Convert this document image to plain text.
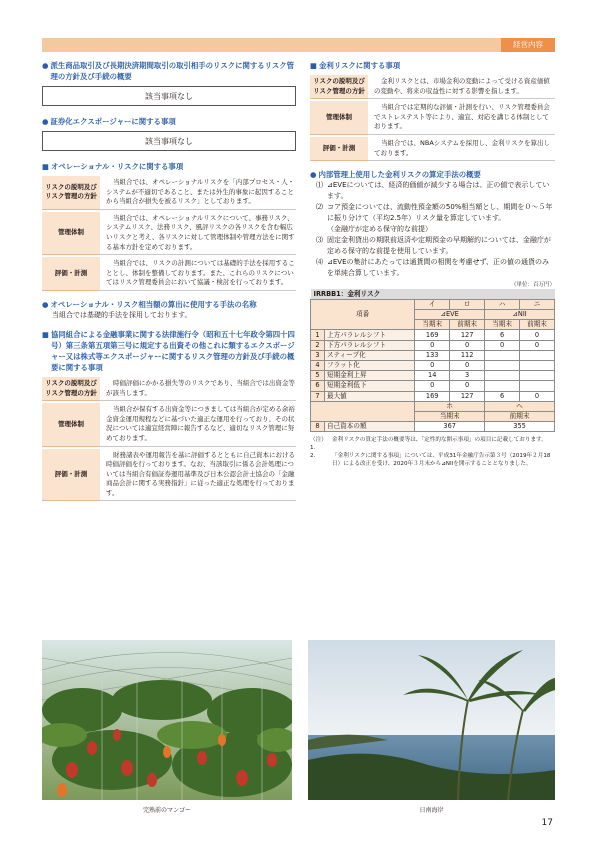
経営内容
● 派生商品取引及び長期決済期間取引の取引相手のリスクに関するリスク管理の方針及び手続の概要
該当事項なし
● 証券化エクスポージャーに関する事項
該当事項なし
■ オペレーショナル・リスクに関する事項
リスクの説明及びリスク管理の方針	当組合では、オペレーショナルリスクを「内部プロセス・人・システムが不適切であること、または外生的事象に起因することから当組合が損失を被るリスク」としております。
管理体制	当組合では、オペレーショナルリスクについて、事務リスク、システムリスク、法務リスク、風評リスクの各リスクを含む幅広いリスクと考え、各リスクに対して管理体制や管理方法をに関する基本方針を定めております。
評価・計測	当組合では、リスクの計測については基礎的手法を採用することとし、体制を整備しております。また、これらのリスクについてはリスク管理委員会において協議・検討を行っております。
● オペレーショナル・リスク相当額の算出に使用する手法の名称
当組合では基礎的手法を採用しております。
■ 協同組合による金融事業に関する法律施行令（昭和五十七年政令第四十四号）第三条第五項第三号に規定する出資その他これに類するエクスポージャー又は株式等エクスポージャーに関するリスク管理の方針及び手続の概要に関する事項
リスクの説明及びリスク管理の方針	時価評価にかかる損失等のリスクであり、当組合では出資金等が該当します。
管理体制	当組合が保有する出資金等につきましては当組合が定める余裕金資金運用規程などに基づいた適正な運用を行っており、その状況については適宜経営陣に報告するなど、適切なリスク管理に努めております。
評価・計測	財務諸表や運用報告を基に評価するとともに自己資本における時価評価を行っております。なお、当該取引に係る会計処理については当組合有価証券運用基準及び日本公認会計士協会の「金融商品会計に関する実務指針」に従った適正な処理を行っております。
■ 金利リスクに関する事項
リスクの説明及びリスク管理の方針	金利リスクとは、市場金利の変動によって受ける資産価値の変動や、将来の収益性に対する影響を指します。
管理体制	当組合では定期的な評価・計測を行い、リスク管理委員会でストレステスト等により、適宜、対応を講じる体制としております。
評価・計測	当組合では、NBAシステムを採用し、金利リスクを算出しております。
● 内部管理上使用した金利リスクの算定手法の概要
⑴ ⊿EVEについては、経済的価値が減少する場合は、正の値で表示しています。
⑵ コア預金については、流動性預金額の50%相当額とし、期間を０～５年に振り分けて（平均2.5年）リスク量を算定しています。
（金融庁が定める保守的な前提）
⑶ 固定金利貸出の期限前返済や定期預金の早期解約については、金融庁が定める保守的な前提を使用しています。
⑷ ⊿EVEの集計にあたっては通貨間の相関を考慮せず、正の値の通貨のみを単純合算しています。
（単位：百万円）
IRRBB1：金利リスク					
項番		イ	ロ	ハ	ニ
		⊿EVE		⊿NII	
		当期末	前期末	当期末	前期末
1	上方パラレルシフト	169	127	6	0
2	下方パラレルシフト	0	0	0	0
3	スティープ化	133	112		
4	フラット化	0	0		
5	短期金利上昇	14	3		
6	短期金利低下	0	0		
7	最大値	169	127	6	0
		ホ		ヘ	
		当期末		前期末	
8	自己資本の額	367		355	
（注）1.
金利リスクの算定手法の概要等は、「定性的な開示事項」の項目に記載しております。
2.	「金利リスクに関する事項」については、平成31年金融庁告示第３号（2019年２月18日）による改正を受け、2020年３月末から⊿NIIを開示することとなりました。
完熟前のマンゴー	日南海岸
17
